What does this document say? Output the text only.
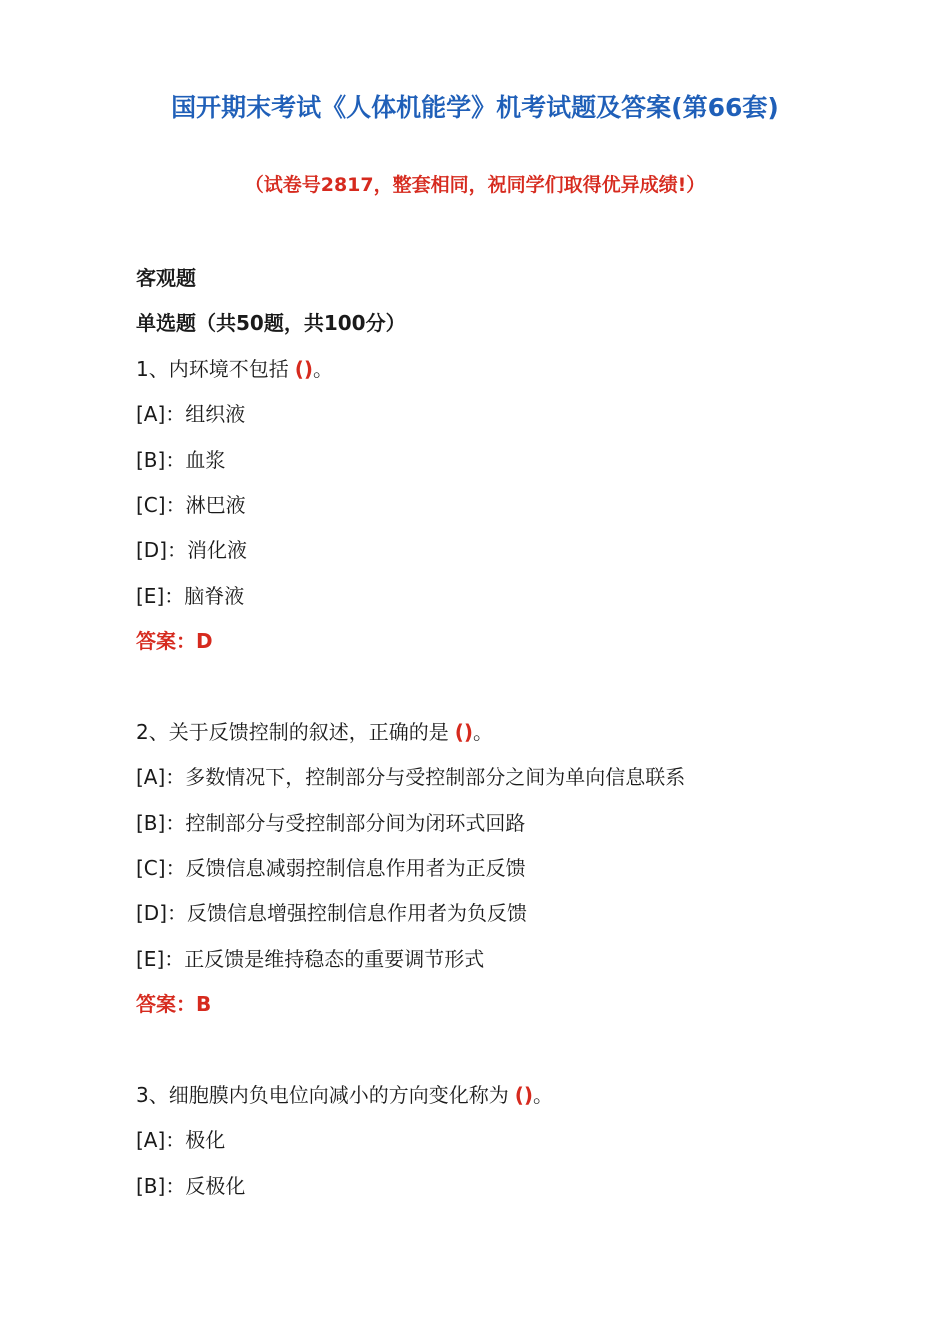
国开期末考试《人体机能学》机考试题及答案(第66套)
（试卷号2817，整套相同，祝同学们取得优异成绩!）
客观题
单选题（共50题，共100分）
1、内环境不包括 ()。
[A]：组织液
[B]：血浆
[C]：淋巴液
[D]：消化液
[E]：脑脊液
答案：D
2、关于反馈控制的叙述，正确的是 ()。
[A]：多数情况下，控制部分与受控制部分之间为单向信息联系
[B]：控制部分与受控制部分间为闭环式回路
[C]：反馈信息减弱控制信息作用者为正反馈
[D]：反馈信息增强控制信息作用者为负反馈
[E]：正反馈是维持稳态的重要调节形式
答案：B
3、细胞膜内负电位向减小的方向变化称为 ()。
[A]：极化
[B]：反极化
